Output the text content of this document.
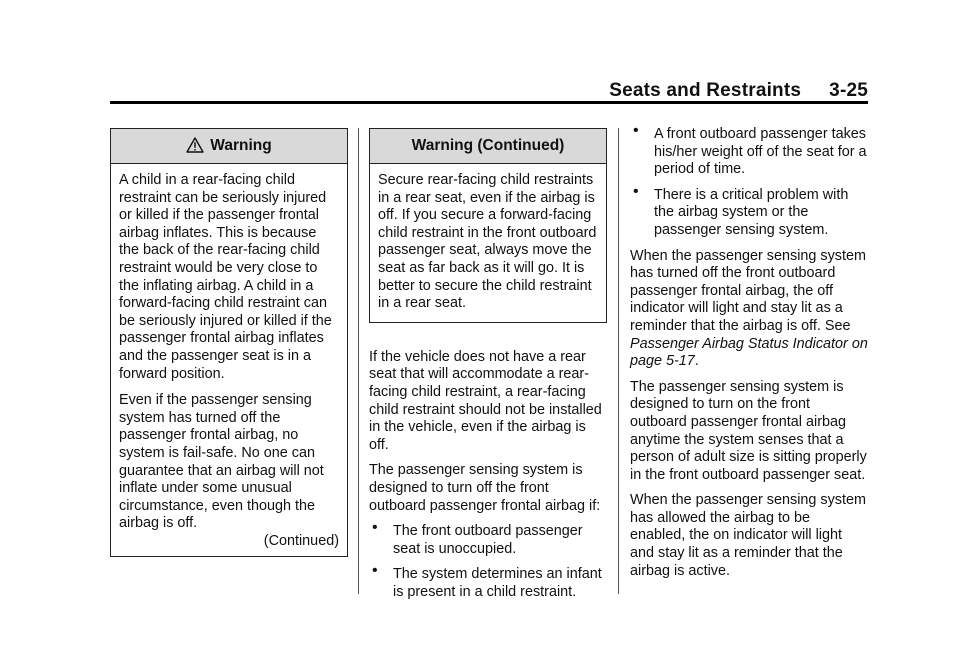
Seats and Restraints 3-25
Warning

A child in a rear-facing child restraint can be seriously injured or killed if the passenger frontal airbag inflates. This is because the back of the rear-facing child restraint would be very close to the inflating airbag. A child in a forward-facing child restraint can be seriously injured or killed if the passenger frontal airbag inflates and the passenger seat is in a forward position.

Even if the passenger sensing system has turned off the passenger frontal airbag, no system is fail-safe. No one can guarantee that an airbag will not inflate under some unusual circumstance, even though the airbag is off.

(Continued)
Warning (Continued)

Secure rear-facing child restraints in a rear seat, even if the airbag is off. If you secure a forward-facing child restraint in the front outboard passenger seat, always move the seat as far back as it will go. It is better to secure the child restraint in a rear seat.

If the vehicle does not have a rear seat that will accommodate a rear-facing child restraint, a rear-facing child restraint should not be installed in the vehicle, even if the airbag is off.

The passenger sensing system is designed to turn off the front outboard passenger frontal airbag if:

• The front outboard passenger seat is unoccupied.
• The system determines an infant is present in a child restraint.
• A front outboard passenger takes his/her weight off of the seat for a period of time.
• There is a critical problem with the airbag system or the passenger sensing system.

When the passenger sensing system has turned off the front outboard passenger frontal airbag, the off indicator will light and stay lit as a reminder that the airbag is off. See Passenger Airbag Status Indicator on page 5-17.

The passenger sensing system is designed to turn on the front outboard passenger frontal airbag anytime the system senses that a person of adult size is sitting properly in the front outboard passenger seat.

When the passenger sensing system has allowed the airbag to be enabled, the on indicator will light and stay lit as a reminder that the airbag is active.
